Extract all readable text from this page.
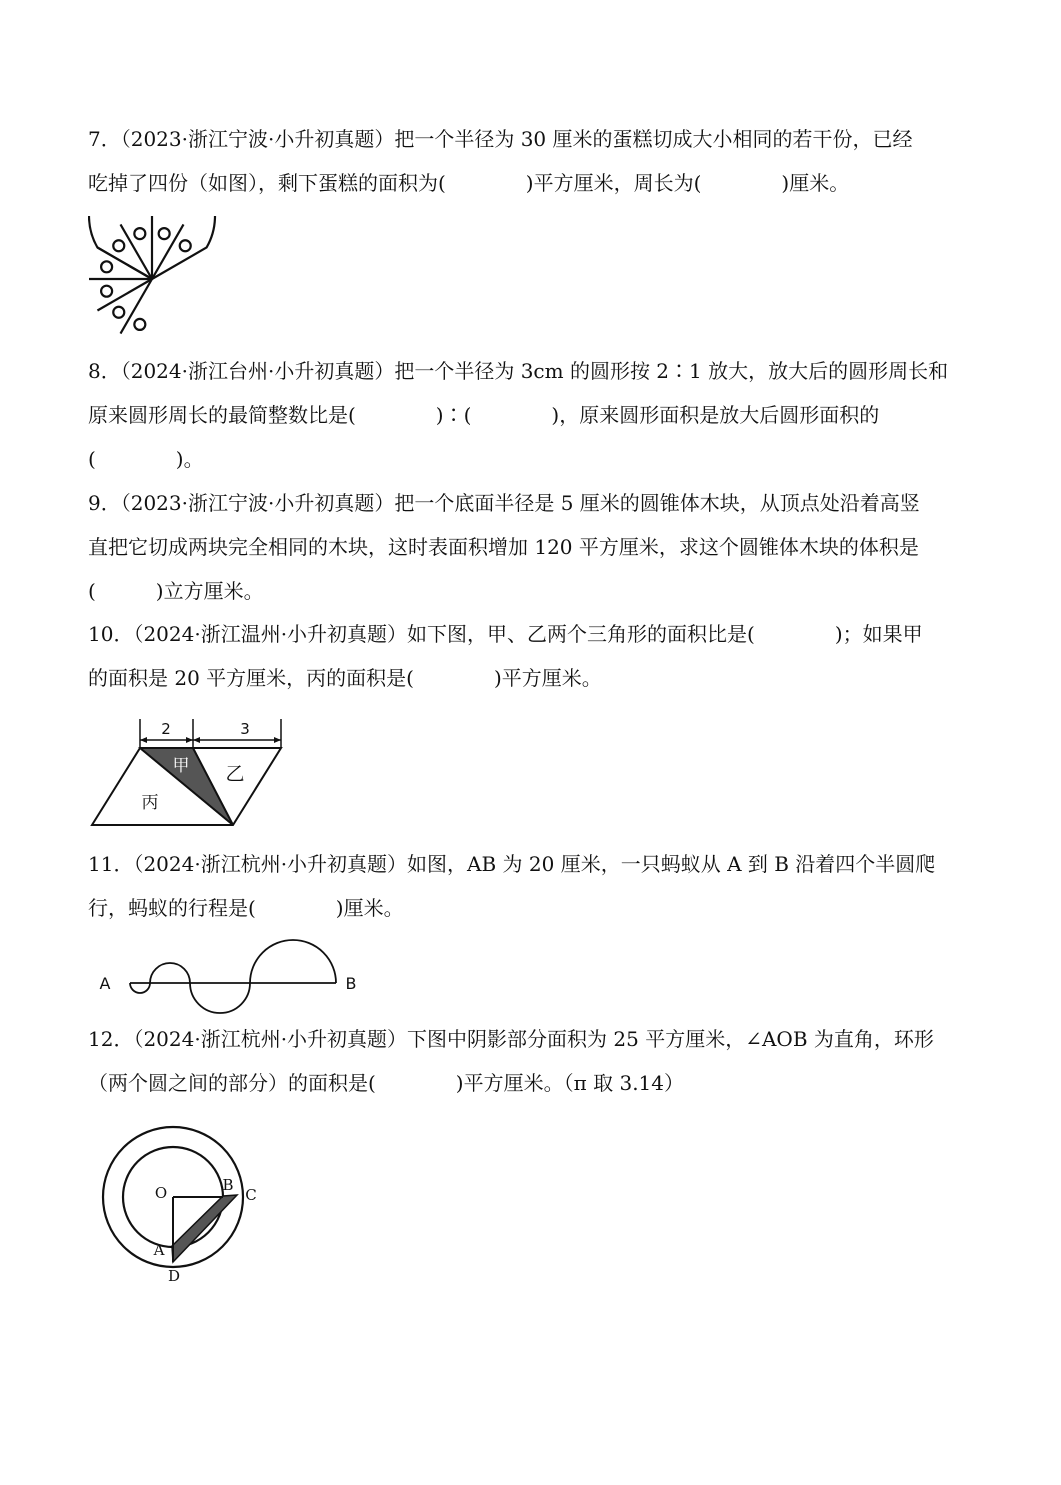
7．（2023·浙江宁波·小升初真题）把一个半径为 30 厘米的蛋糕切成大小相同的若干份，已经
吃掉了四份（如图），剩下蛋糕的面积为(　　　　)平方厘米，周长为(　　　　)厘米。
8．（2024·浙江台州·小升初真题）把一个半径为 3cm 的圆形按 2∶1 放大，放大后的圆形周长和
原来圆形周长的最简整数比是(　　　　)∶(　　　　)，原来圆形面积是放大后圆形面积的
(　　　　)。
9．（2023·浙江宁波·小升初真题）把一个底面半径是 5 厘米的圆锥体木块，从顶点处沿着高竖
直把它切成两块完全相同的木块，这时表面积增加 120 平方厘米，求这个圆锥体木块的体积是
(　　　)立方厘米。
10．（2024·浙江温州·小升初真题）如下图，甲、乙两个三角形的面积比是(　　　　)；如果甲
的面积是 20 平方厘米，丙的面积是(　　　　)平方厘米。
11．（2024·浙江杭州·小升初真题）如图，AB 为 20 厘米，一只蚂蚁从 A 到 B 沿着四个半圆爬
行，蚂蚁的行程是(　　　　)厘米。
12．（2024·浙江杭州·小升初真题）下图中阴影部分面积为 25 平方厘米，∠AOB 为直角，环形
（两个圆之间的部分）的面积是(　　　　)平方厘米。（π 取 3.14）
2	3
甲 乙
丙
A	B
O	B
C
A
D
